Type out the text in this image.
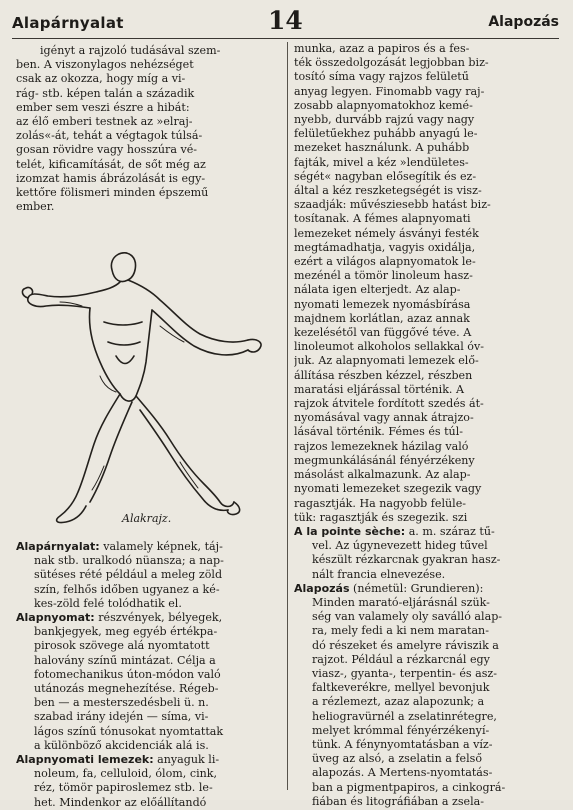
Alapárnyalat	14	Alapozás
igényt a rajzoló tudásával szem-
ben. A viszonylagos nehézséget
csak az okozza, hogy míg a vi-
rág- stb. képen talán a századik
ember sem veszi észre a hibát:
az élő emberi testnek az »elraj-
zolás«-át, tehát a végtagok túlsá-
gosan rövidre vagy hosszúra vé-
telét, kificamítását, de sőt még az
izomzat hamis ábrázolását is egy-
kettőre fölismeri minden épszemű
ember.
Alakrajz.
Alapárnyalat: valamely képnek, táj-
nak stb. uralkodó nüansza; a nap-
sütéses rété például a meleg zöld
szín, felhős időben ugyanez a ké-
kes-zöld felé tolódhatik el.
Alapnyomat: részvények, bélyegek,
bankjegyek, meg egyéb értékpa-
pirosok szövege alá nyomtatott
halovány színű mintázat. Célja a
fotomechanikus úton-módon való
utánozás megnehezítése. Régeb-
ben — a mesterszedésbeli ü. n.
szabad irány idején — síma, vi-
lágos színű tónusokat nyomtattak
a különböző akcidenciák alá is.
Alapnyomati lemezek: anyaguk li-
noleum, fa, celluloid, ólom, cink,
réz, tömör papiroslemez stb. le-
het. Mindenkor az előállítandó
munka, azaz a papiros és a fes-
ték összedolgozását legjobban biz-
tosító síma vagy rajzos felületű
anyag legyen. Finomabb vagy raj-
zosabb alapnyomatokhoz kemé-
nyebb, durvább rajzú vagy nagy
felületűekhez puhább anyagú le-
mezeket használunk. A puhább
fajták, mivel a kéz »lendületes-
ségét« nagyban elősegítik és ez-
által a kéz reszketegségét is visz-
szaadják: művésziesebb hatást biz-
tosítanak. A fémes alapnyomati
lemezeket némely ásványi festék
megtámadhatja, vagyis oxidálja,
ezért a világos alapnyomatok le-
mezénél a tömör linoleum hasz-
nálata igen elterjedt. Az alap-
nyomati lemezek nyomásbírása
majdnem korlátlan, azaz annak
kezelésétől van függővé téve. A
linoleumot alkoholos sellakkal óv-
juk. Az alapnyomati lemezek elő-
állítása részben kézzel, részben
maratási eljárással történik. A
rajzok átvitele fordított szedés át-
nyomásával vagy annak átrajzo-
lásával történik. Fémes és túl-
rajzos lemezeknek házilag való
megmunkálásánál fényérzékeny
másolást alkalmazunk. Az alap-
nyomati lemezeket szegezik vagy
ragasztják. Ha nagyobb felüle-
tük: ragasztják és szegezik. szi
A la pointe sèche: a. m. száraz tű-
vel. Az úgynevezett hideg tűvel
készült rézkarcnak gyakran hasz-
nált francia elnevezése.
Alapozás (németül: Grundieren):
Minden marató-eljárásnál szük-
ség van valamely oly saválló alap-
ra, mely fedi a ki nem maratan-
dó részeket és amelyre ráviszik a
rajzot. Például a rézkarcnál egy
viasz-, gyanta-, terpentin- és asz-
faltkeverékre, mellyel bevonjuk
a rézlemezt, azaz alapozunk; a
heliogravürnél a zselatinrétegre,
melyet krómmal fényérzékenyí-
tünk. A fénynyomtatásban a víz-
üveg az alsó, a zselatin a felső
alapozás. A Mertens-nyomtatás-
ban a pigmentpapiros, a cinkográ-
fiában és litográfiában a zsela-
